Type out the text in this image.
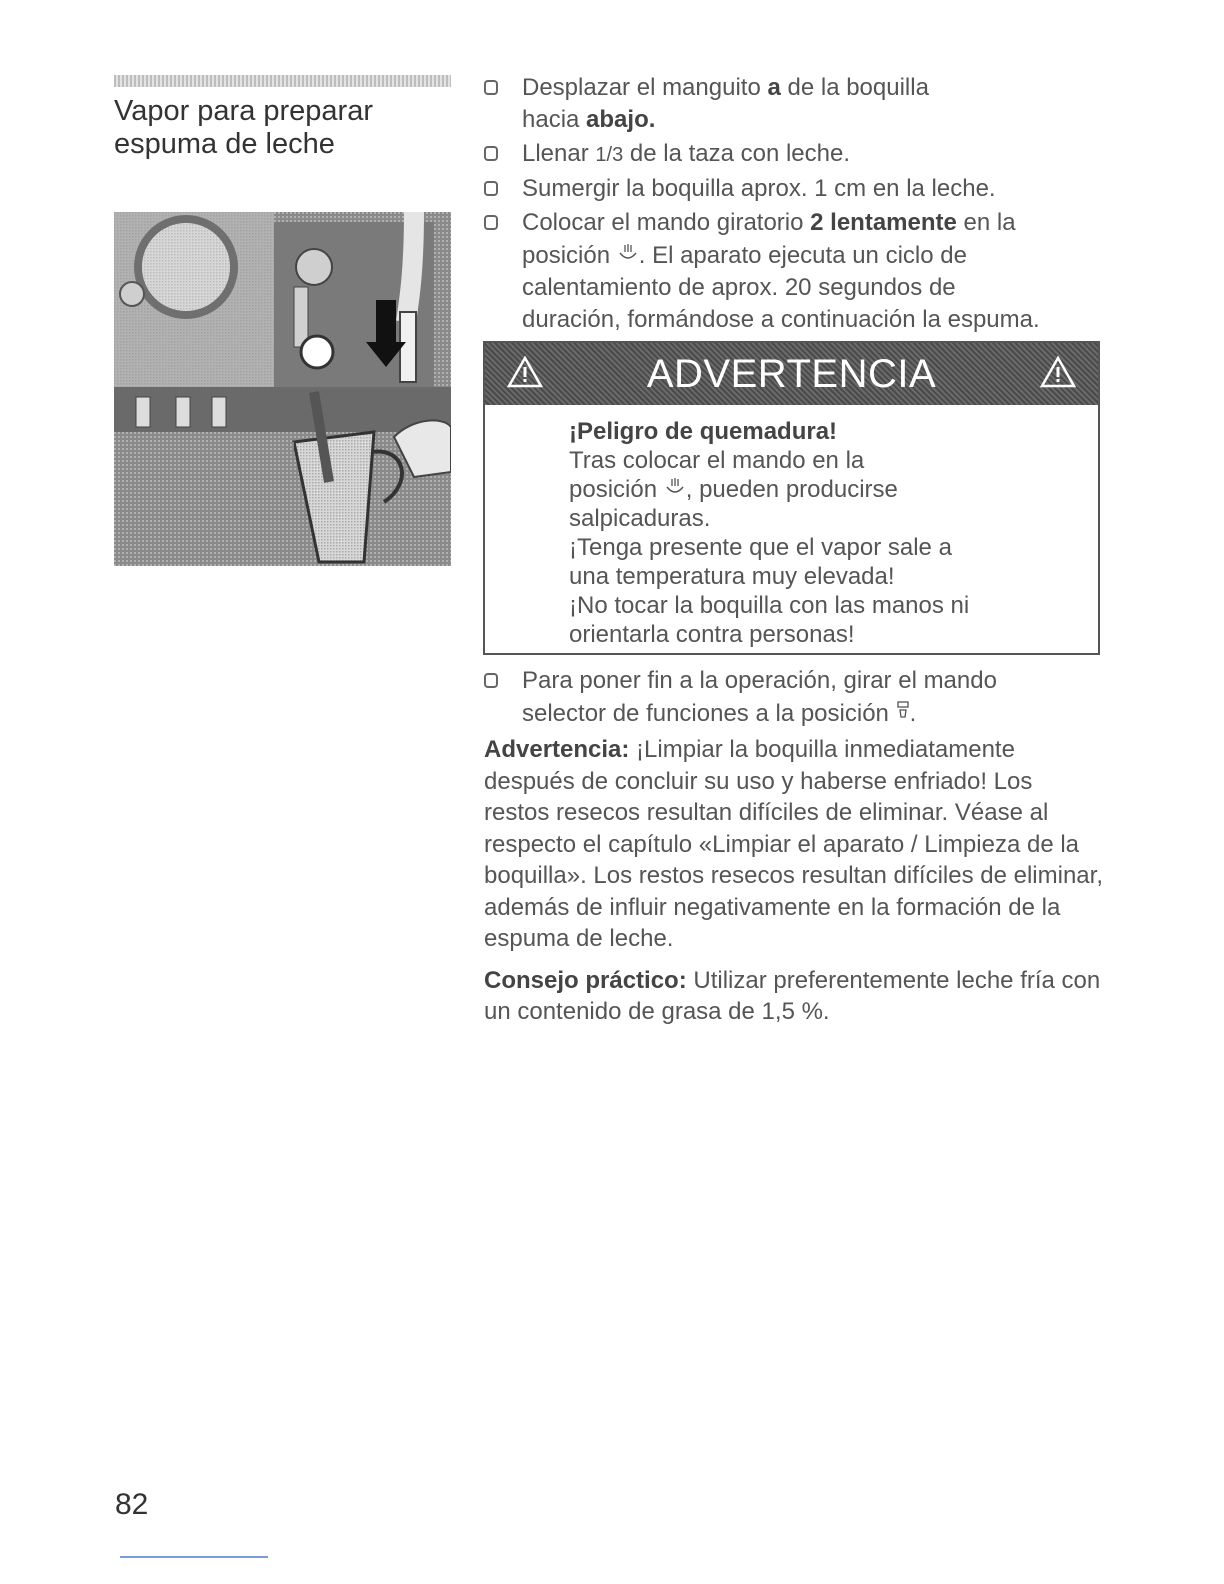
Vapor para preparar
espuma de leche
Desplazar el manguito a de la boquilla
hacia abajo.
Llenar 1/3 de la taza con leche.
Sumergir la boquilla aprox. 1 cm en la leche.
Colocar el mando giratorio 2 lentamente en la
posición . El aparato ejecuta un ciclo de
calentamiento de aprox. 20 segundos de
duración, formándose a continuación la espuma.
ADVERTENCIA
¡Peligro de quemadura!
Tras colocar el mando en la
posición , pueden producirse
salpicaduras.
¡Tenga presente que el vapor sale a
una temperatura muy elevada!
¡No tocar la boquilla con las manos ni
orientarla contra personas!
Para poner fin a la operación, girar el mando
selector de funciones a la posición .

Advertencia: ¡Limpiar la boquilla inmediatamente después de concluir su uso y haberse enfriado! Los restos resecos resultan difíciles de eliminar. Véase al respecto el capítulo «Limpiar el aparato / Limpieza de la boquilla». Los restos resecos resultan difíciles de eliminar, además de influir negativamente en la formación de la espuma de leche.

Consejo práctico: Utilizar preferentemente leche fría con un contenido de grasa de 1,5 %.

82
